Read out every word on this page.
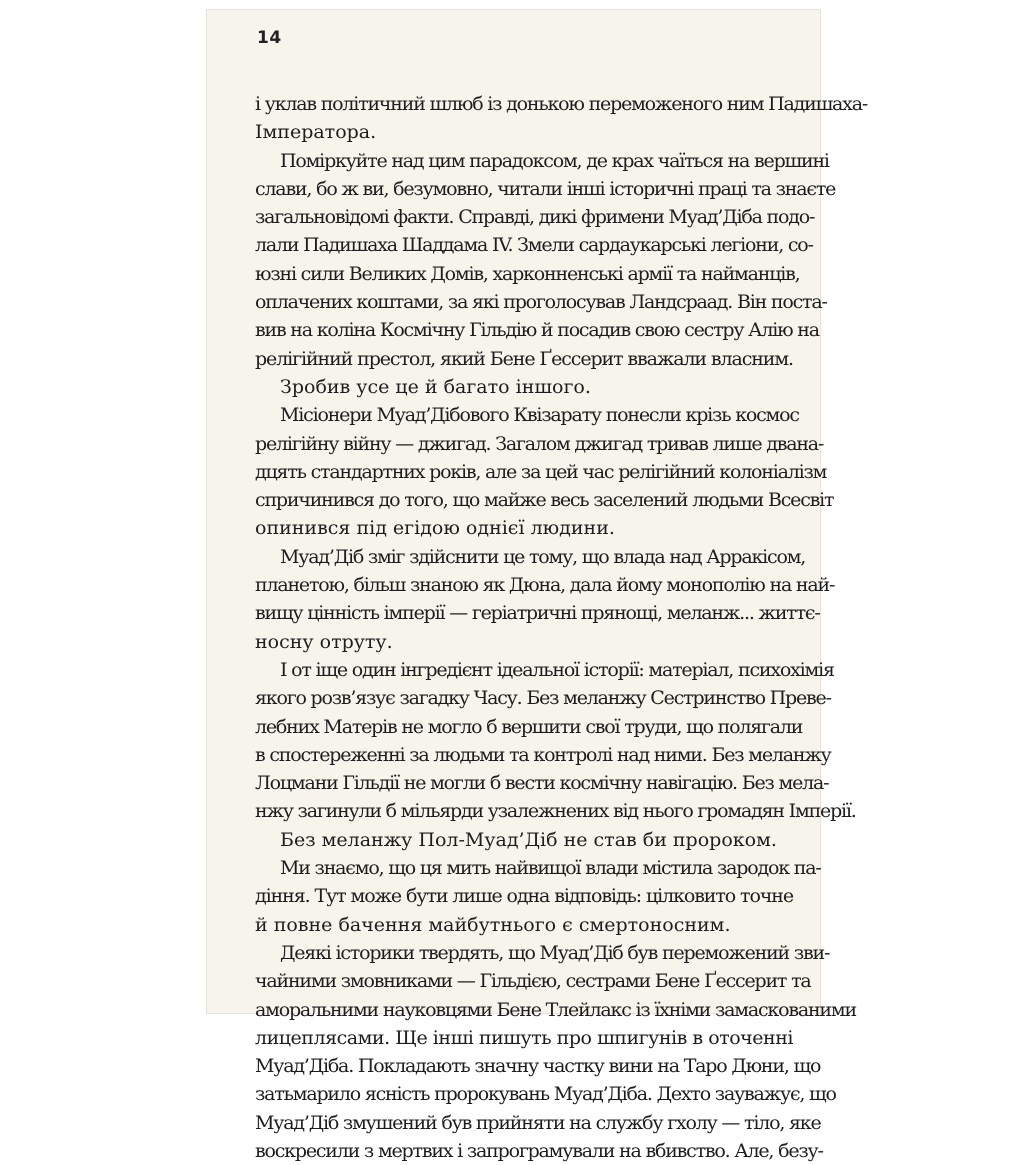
14
і уклав політичний шлюб із донькою переможеного ним Падишаха-
Імператора.
Поміркуйте над цим парадоксом, де крах чаїться на вершині
слави, бо ж ви, безумовно, читали інші історичні праці та знаєте
загальновідомі факти. Справді, дикі фримени Муад’Діба подо-
лали Падишаха Шаддама IV. Змели сардаукарські легіони, со-
юзні сили Великих Домів, харконненські армії та найманців,
оплачених коштами, за які проголосував Ландсраад. Він поста-
вив на коліна Космічну Гільдію й посадив свою сестру Алію на
релігійний престол, який Бене Ґессерит вважали власним.
Зробив усе це й багато іншого.
Місіонери Муад’Дібового Квізарату понесли крізь космос
релігійну війну — джигад. Загалом джигад тривав лише двана-
дцять стандартних років, але за цей час релігійний колоніалізм
спричинився до того, що майже весь заселений людьми Всесвіт
опинився під егідою однієї людини.
Муад’Діб зміг здійснити це тому, що влада над Арракісом,
планетою, більш знаною як Дюна, дала йому монополію на най-
вищу цінність імперії — геріатричні прянощі, меланж... життє-
носну отруту.
І от іще один інгредієнт ідеальної історії: матеріал, психохімія
якого розв’язує загадку Часу. Без меланжу Сестринство Преве-
лебних Матерів не могло б вершити свої труди, що полягали
в спостереженні за людьми та контролі над ними. Без меланжу
Лоцмани Гільдії не могли б вести космічну навігацію. Без мела-
нжу загинули б мільярди узалежнених від нього громадян Імперії.
Без меланжу Пол-Муад’Діб не став би пророком.
Ми знаємо, що ця мить найвищої влади містила зародок па-
діння. Тут може бути лише одна відповідь: цілковито точне
й повне бачення майбутнього є смертоносним.
Деякі історики твердять, що Муад’Діб був переможений зви-
чайними змовниками — Гільдією, сестрами Бене Ґессерит та
аморальними науковцями Бене Тлейлакс із їхніми замаскованими
лицеплясами. Ще інші пишуть про шпигунів в оточенні
Муад’Діба. Покладають значну частку вини на Таро Дюни, що
затьмарило ясність пророкувань Муад’Діба. Дехто зауважує, що
Муад’Діб змушений був прийняти на службу гхолу — тіло, яке
воскресили з мертвих і запрограмували на вбивство. Але, безу-
